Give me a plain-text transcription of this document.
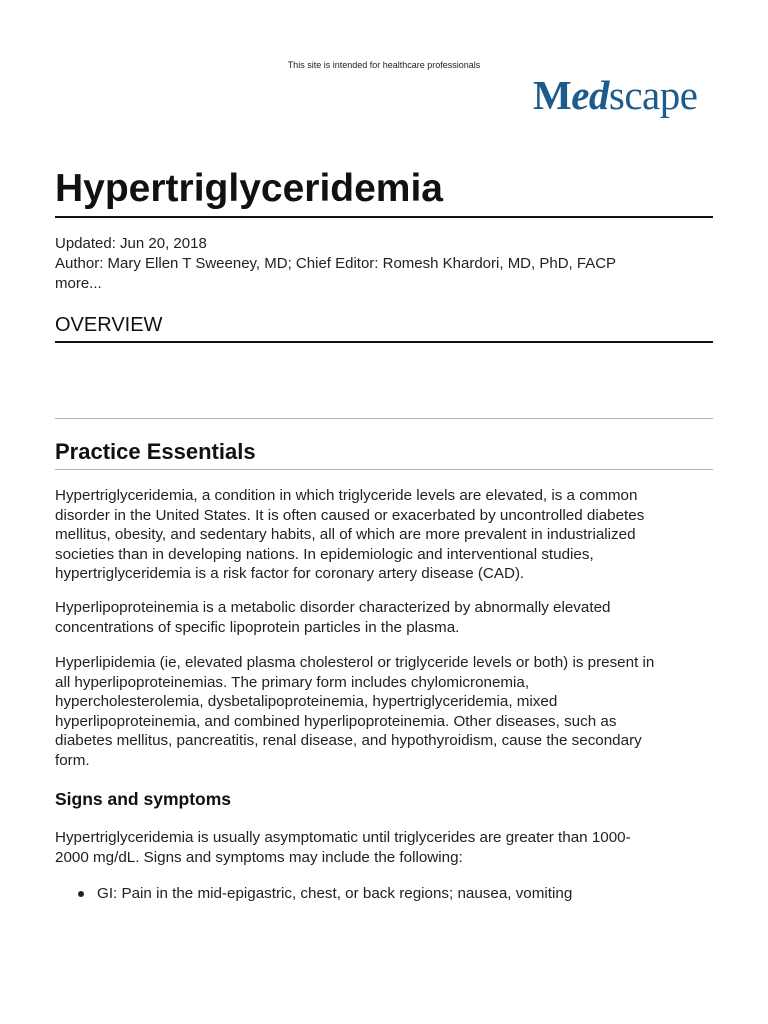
This site is intended for healthcare professionals
Medscape
Hypertriglyceridemia
Updated: Jun 20, 2018
Author: Mary Ellen T Sweeney, MD; Chief Editor: Romesh Khardori, MD, PhD, FACP
more...
OVERVIEW
Practice Essentials

Hypertriglyceridemia, a condition in which triglyceride levels are elevated, is a common
disorder in the United States. It is often caused or exacerbated by uncontrolled diabetes
mellitus, obesity, and sedentary habits, all of which are more prevalent in industrialized
societies than in developing nations. In epidemiologic and interventional studies,
hypertriglyceridemia is a risk factor for coronary artery disease (CAD).

Hyperlipoproteinemia is a metabolic disorder characterized by abnormally elevated
concentrations of specific lipoprotein particles in the plasma.

Hyperlipidemia (ie, elevated plasma cholesterol or triglyceride levels or both) is present in
all hyperlipoproteinemias. The primary form includes chylomicronemia,
hypercholesterolemia, dysbetalipoproteinemia, hypertriglyceridemia, mixed
hyperlipoproteinemia, and combined hyperlipoproteinemia. Other diseases, such as
diabetes mellitus, pancreatitis, renal disease, and hypothyroidism, cause the secondary
form.

Signs and symptoms

Hypertriglyceridemia is usually asymptomatic until triglycerides are greater than 1000-
2000 mg/dL. Signs and symptoms may include the following:

GI: Pain in the mid-epigastric, chest, or back regions; nausea, vomiting
